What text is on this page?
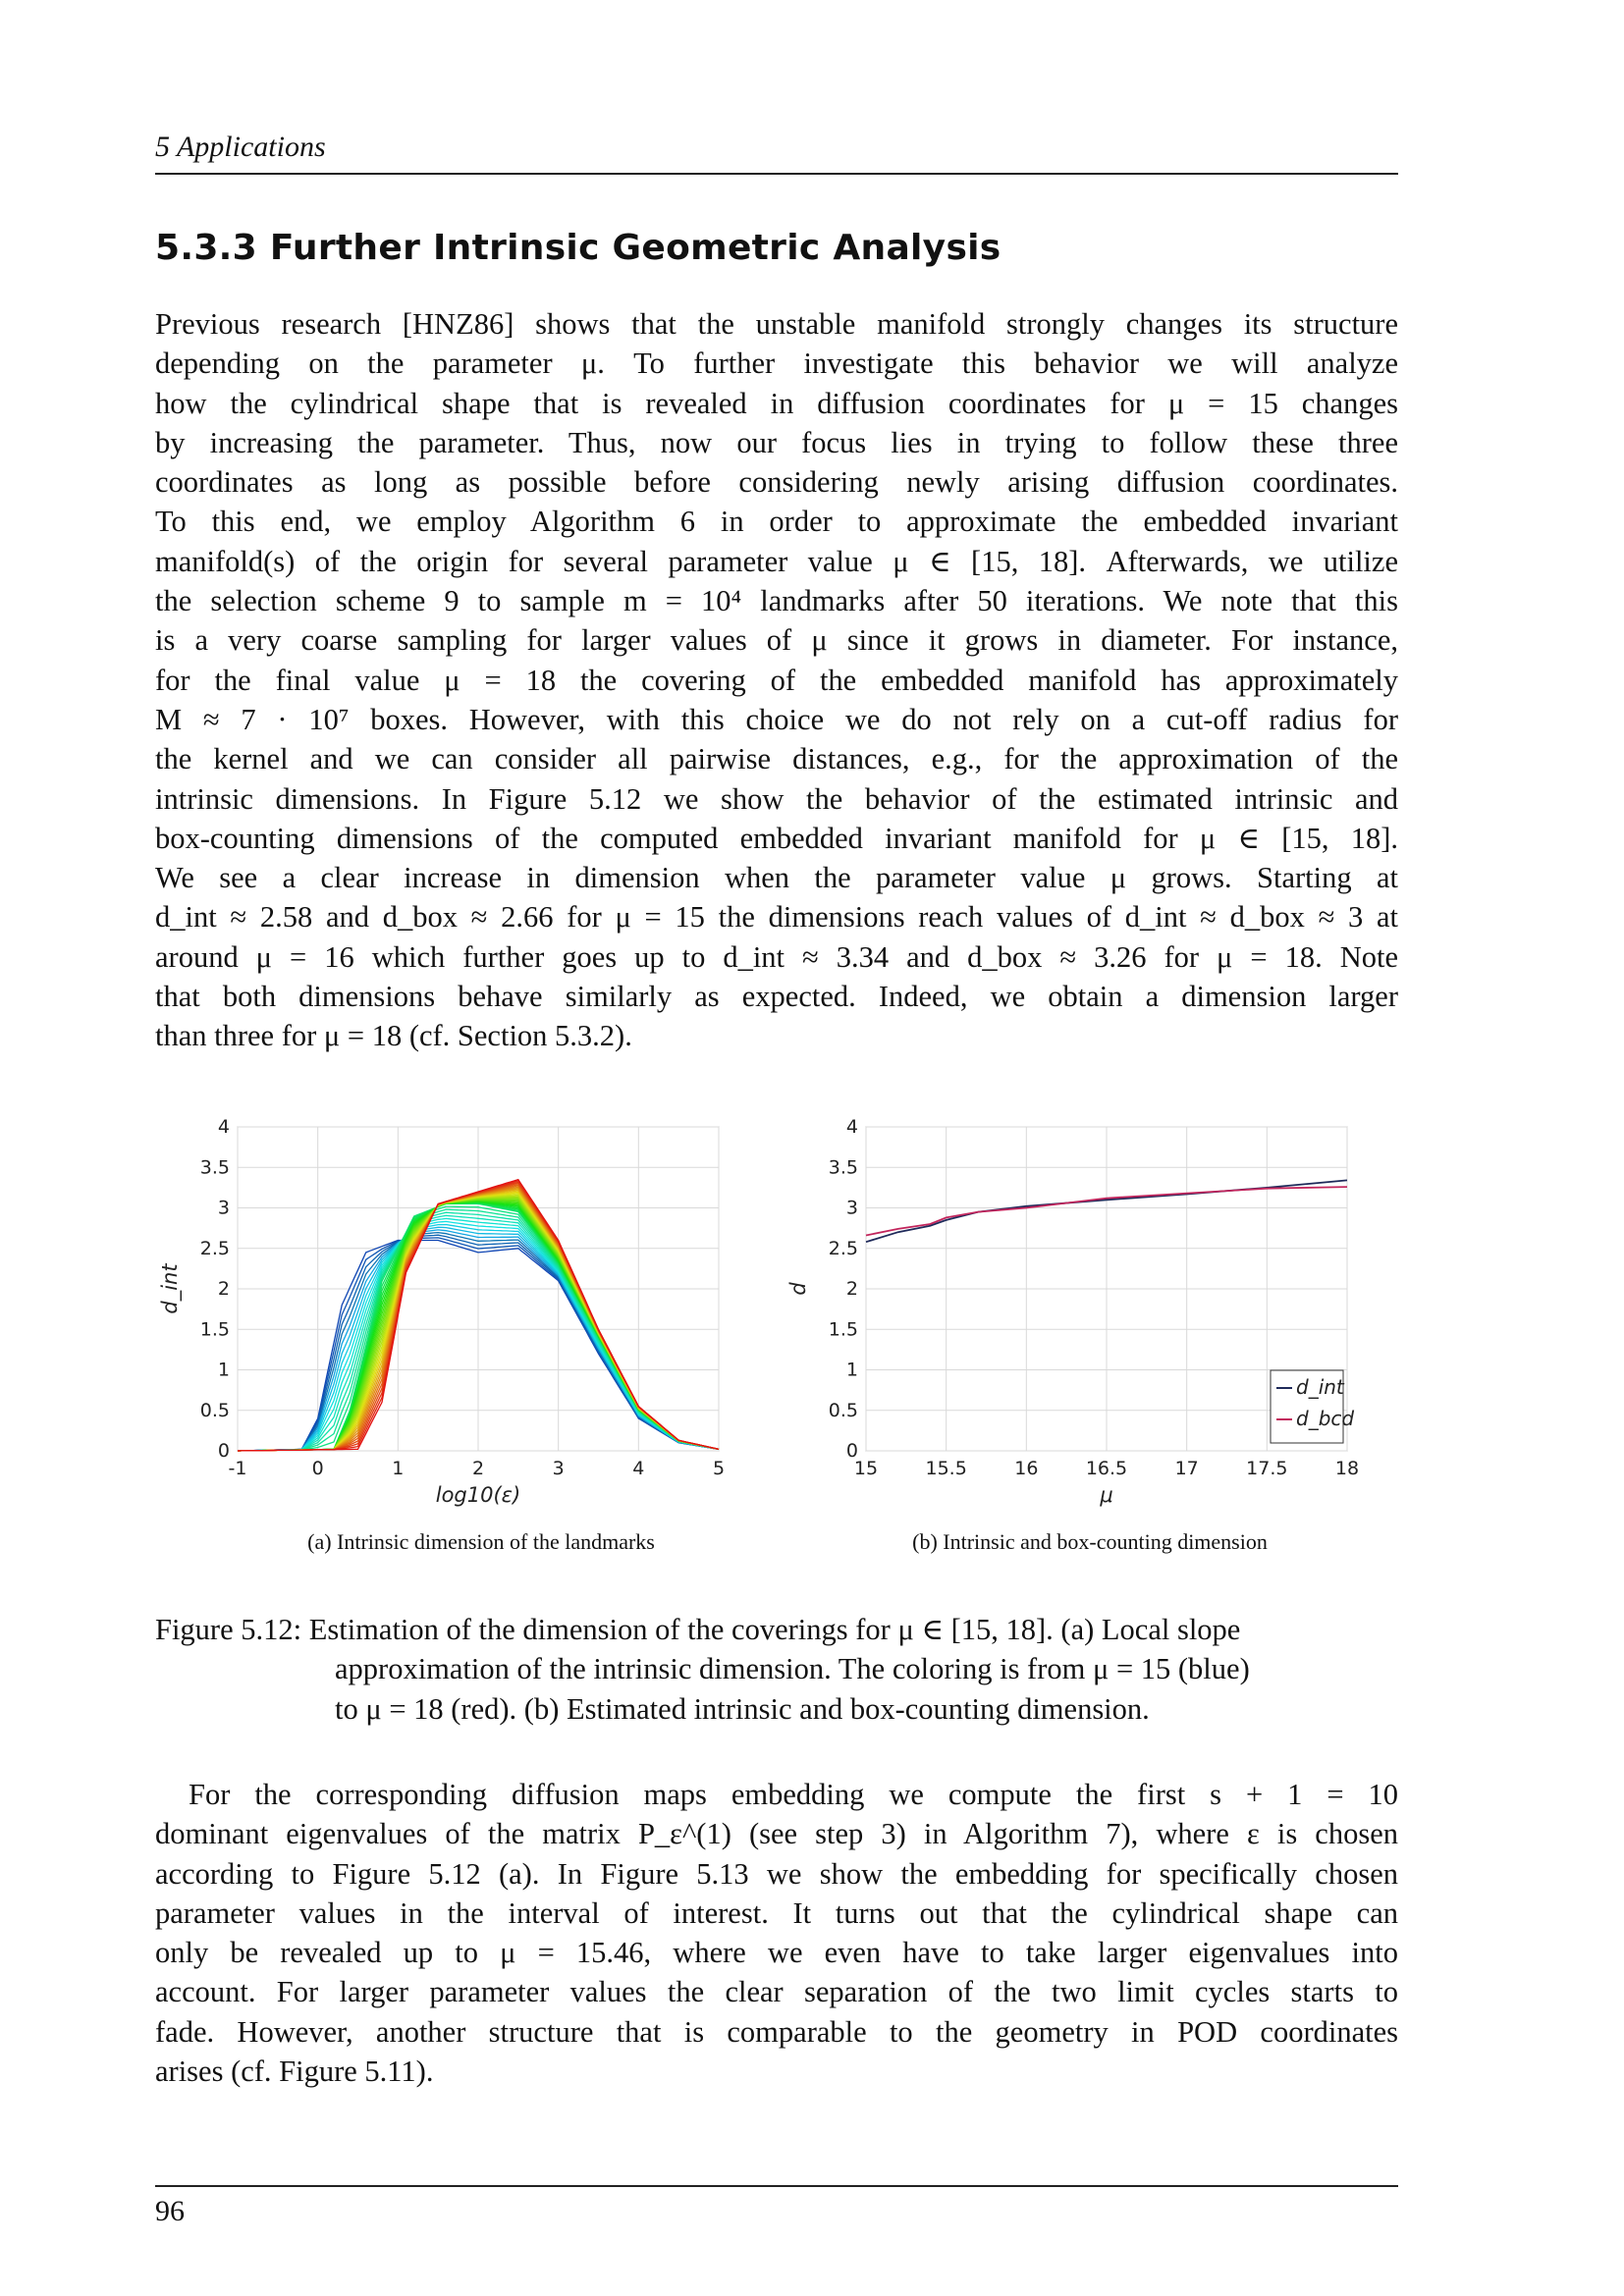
5 Applications
5.3.3 Further Intrinsic Geometric Analysis
Previous research [HNZ86] shows that the unstable manifold strongly changes its structure
depending on the parameter μ. To further investigate this behavior we will analyze
how the cylindrical shape that is revealed in diffusion coordinates for μ = 15 changes
by increasing the parameter. Thus, now our focus lies in trying to follow these three
coordinates as long as possible before considering newly arising diffusion coordinates.
To this end, we employ Algorithm 6 in order to approximate the embedded invariant
manifold(s) of the origin for several parameter value μ ∈ [15, 18]. Afterwards, we utilize
the selection scheme 9 to sample m = 10⁴ landmarks after 50 iterations. We note that this
is a very coarse sampling for larger values of μ since it grows in diameter. For instance,
for the final value μ = 18 the covering of the embedded manifold has approximately
M ≈ 7 · 10⁷ boxes. However, with this choice we do not rely on a cut-off radius for
the kernel and we can consider all pairwise distances, e.g., for the approximation of the
intrinsic dimensions. In Figure 5.12 we show the behavior of the estimated intrinsic and
box-counting dimensions of the computed embedded invariant manifold for μ ∈ [15, 18].
We see a clear increase in dimension when the parameter value μ grows. Starting at
d_int ≈ 2.58 and d_box ≈ 2.66 for μ = 15 the dimensions reach values of d_int ≈ d_box ≈ 3 at
around μ = 16 which further goes up to d_int ≈ 3.34 and d_box ≈ 3.26 for μ = 18. Note
that both dimensions behave similarly as expected. Indeed, we obtain a dimension larger
than three for μ = 18 (cf. Section 5.3.2).
-1	0	1	2	3	4	5
0
0.5
1
1.5
2
2.5
3
3.5
4
log10(ε)
d_int
(a) Intrinsic dimension of the landmarks
15	15.5	16	16.5	17	17.5	18
0
0.5
1
1.5
2
2.5
3
3.5
4
μ
d
d_int
d_bcd
(b) Intrinsic and box-counting dimension
Figure 5.12: Estimation of the dimension of the coverings for μ ∈ [15, 18]. (a) Local slope
approximation of the intrinsic dimension. The coloring is from μ = 15 (blue)
to μ = 18 (red). (b) Estimated intrinsic and box-counting dimension.
For the corresponding diffusion maps embedding we compute the first s + 1 = 10
dominant eigenvalues of the matrix P_ε^(1) (see step 3) in Algorithm 7), where ε is chosen
according to Figure 5.12 (a). In Figure 5.13 we show the embedding for specifically chosen
parameter values in the interval of interest. It turns out that the cylindrical shape can
only be revealed up to μ = 15.46, where we even have to take larger eigenvalues into
account. For larger parameter values the clear separation of the two limit cycles starts to
fade. However, another structure that is comparable to the geometry in POD coordinates
arises (cf. Figure 5.11).
96
